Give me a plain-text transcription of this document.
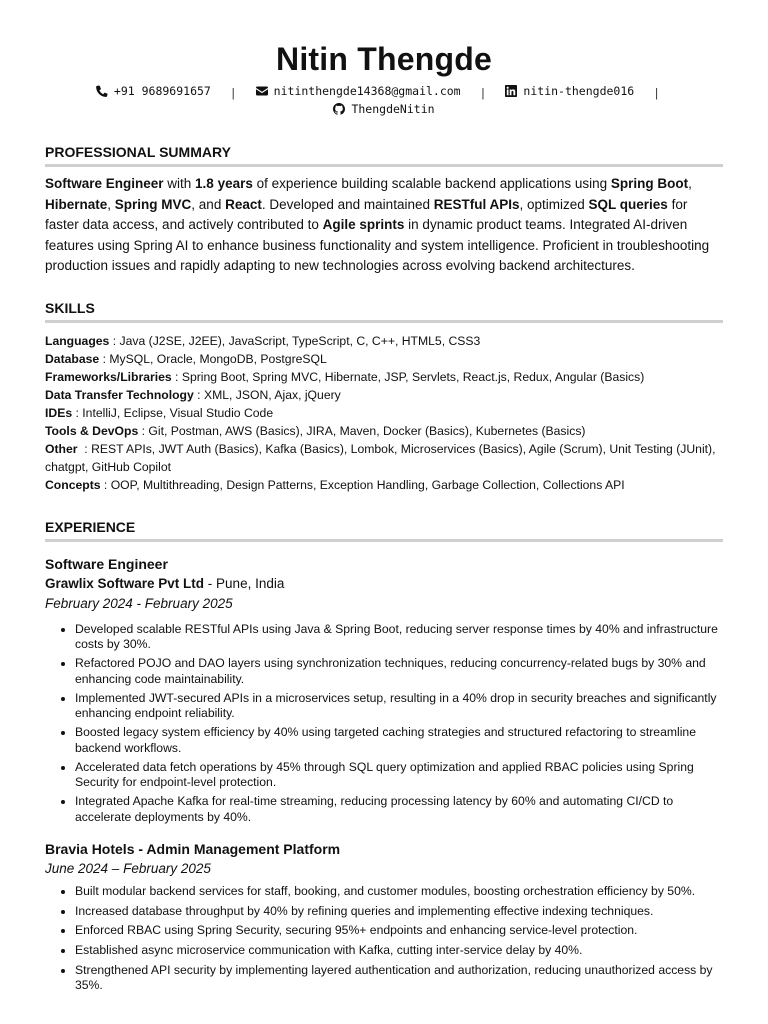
Nitin Thengde
+91 9689691657 |	nitinthengde14368@gmail.com |	nitin-thengde016 |
ThengdeNitin
PROFESSIONAL SUMMARY
Software Engineer with 1.8 years of experience building scalable backend applications using Spring Boot, Hibernate, Spring MVC, and React. Developed and maintained RESTful APIs, optimized SQL queries for faster data access, and actively contributed to Agile sprints in dynamic product teams. Integrated AI-driven features using Spring AI to enhance business functionality and system intelligence. Proficient in troubleshooting production issues and rapidly adapting to new technologies across evolving backend architectures.
SKILLS
Languages : Java (J2SE, J2EE), JavaScript, TypeScript, C, C++, HTML5, CSS3
Database : MySQL, Oracle, MongoDB, PostgreSQL
Frameworks/Libraries : Spring Boot, Spring MVC, Hibernate, JSP, Servlets, React.js, Redux, Angular (Basics)
Data Transfer Technology : XML, JSON, Ajax, jQuery
IDEs : IntelliJ, Eclipse, Visual Studio Code
Tools & DevOps : Git, Postman, AWS (Basics), JIRA, Maven, Docker (Basics), Kubernetes (Basics)
Other  : REST APIs, JWT Auth (Basics), Kafka (Basics), Lombok, Microservices (Basics), Agile (Scrum), Unit Testing (JUnit), chatgpt, GitHub Copilot
Concepts : OOP, Multithreading, Design Patterns, Exception Handling, Garbage Collection, Collections API
EXPERIENCE
Software Engineer
Grawlix Software Pvt Ltd - Pune, India
February 2024 - February 2025
• Developed scalable RESTful APIs using Java & Spring Boot, reducing server response times by 40% and infrastructure costs by 30%.
• Refactored POJO and DAO layers using synchronization techniques, reducing concurrency-related bugs by 30% and enhancing code maintainability.
• Implemented JWT-secured APIs in a microservices setup, resulting in a 40% drop in security breaches and significantly enhancing endpoint reliability.
• Boosted legacy system efficiency by 40% using targeted caching strategies and structured refactoring to streamline backend workflows.
• Accelerated data fetch operations by 45% through SQL query optimization and applied RBAC policies using Spring Security for endpoint-level protection.
• Integrated Apache Kafka for real-time streaming, reducing processing latency by 60% and automating CI/CD to accelerate deployments by 40%.
Bravia Hotels - Admin Management Platform
June 2024 – February 2025
• Built modular backend services for staff, booking, and customer modules, boosting orchestration efficiency by 50%.
• Increased database throughput by 40% by refining queries and implementing effective indexing techniques.
• Enforced RBAC using Spring Security, securing 95%+ endpoints and enhancing service-level protection.
• Established async microservice communication with Kafka, cutting inter-service delay by 40%.
• Strengthened API security by implementing layered authentication and authorization, reducing unauthorized access by 35%.
